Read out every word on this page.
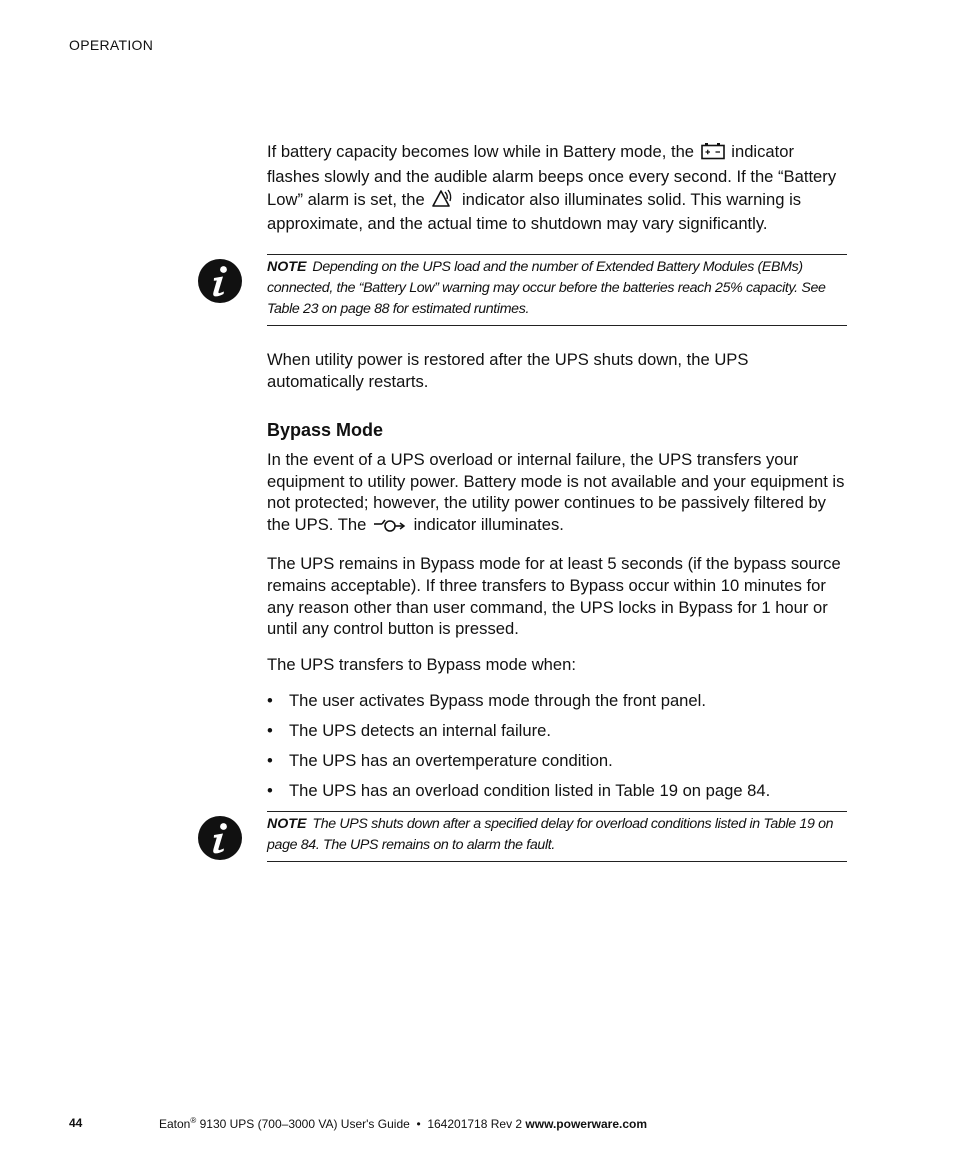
OPERATION

If battery capacity becomes low while in Battery mode, the indicator flashes slowly and the audible alarm beeps once every second. If the “Battery Low” alarm is set, the indicator also illuminates solid. This warning is approximate, and the actual time to shutdown may vary significantly.

NOTE Depending on the UPS load and the number of Extended Battery Modules (EBMs) connected, the “Battery Low” warning may occur before the batteries reach 25% capacity. See Table 23 on page 88 for estimated runtimes.

When utility power is restored after the UPS shuts down, the UPS automatically restarts.

Bypass Mode

In the event of a UPS overload or internal failure, the UPS transfers your equipment to utility power. Battery mode is not available and your equipment is not protected; however, the utility power continues to be passively filtered by the UPS. The	indicator illuminates.

The UPS remains in Bypass mode for at least 5 seconds (if the bypass source remains acceptable). If three transfers to Bypass occur within 10 minutes for any reason other than user command, the UPS locks in Bypass for 1 hour or until any control button is pressed.

The UPS transfers to Bypass mode when:

• The user activates Bypass mode through the front panel.
• The UPS detects an internal failure.
• The UPS has an overtemperature condition.
• The UPS has an overload condition listed in Table 19 on page 84.
NOTE The UPS shuts down after a specified delay for overload conditions listed in Table 19 on page 84. The UPS remains on to alarm the fault.
44	Eaton® 9130 UPS (700–3000 VA) User's Guide  •  164201718 Rev 2 www.powerware.com
